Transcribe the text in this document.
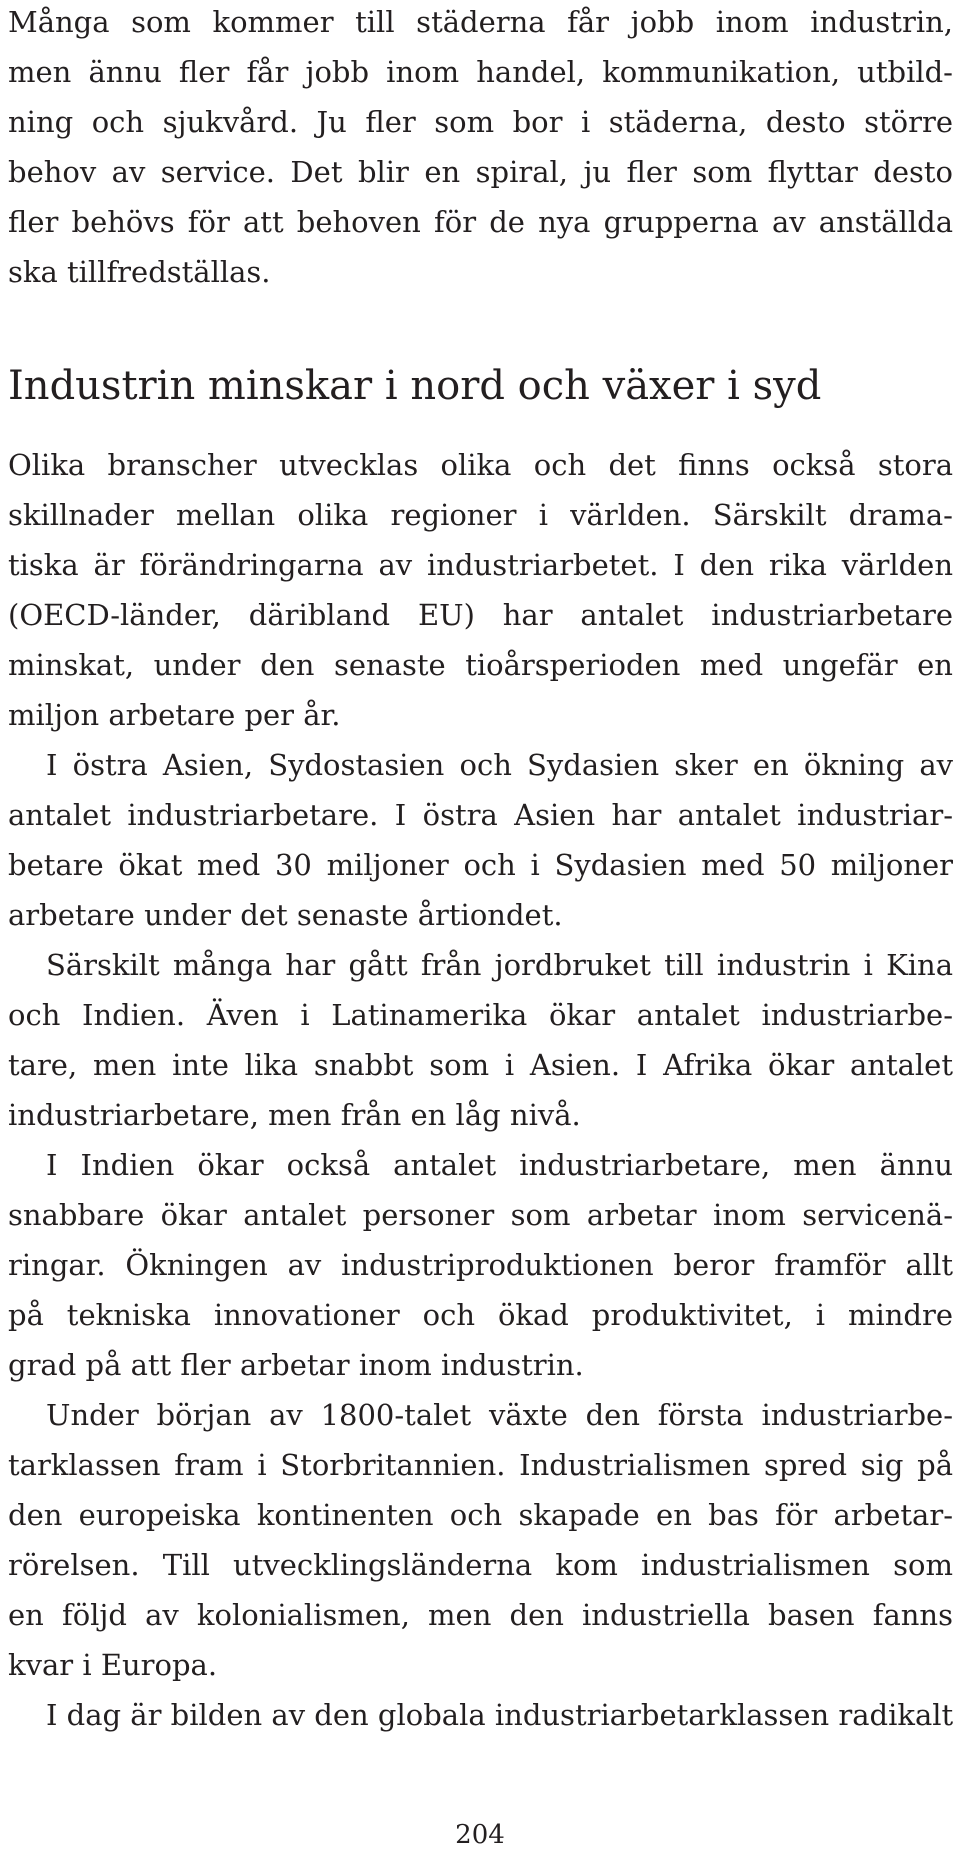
Många som kommer till städerna får jobb inom industrin,
men ännu fler får jobb inom handel, kommunikation, utbild-
ning och sjukvård. Ju fler som bor i städerna, desto större
behov av service. Det blir en spiral, ju fler som flyttar desto
fler behövs för att behoven för de nya grupperna av anställda
ska tillfredställas.
Industrin minskar i nord och växer i syd
Olika branscher utvecklas olika och det finns också stora
skillnader mellan olika regioner i världen. Särskilt drama-
tiska är förändringarna av industriarbetet. I den rika världen
(OECD-länder, däribland EU) har antalet industriarbetare
minskat, under den senaste tioårsperioden med ungefär en
miljon arbetare per år.
I östra Asien, Sydostasien och Sydasien sker en ökning av
antalet industriarbetare. I östra Asien har antalet industriar-
betare ökat med 30 miljoner och i Sydasien med 50 miljoner
arbetare under det senaste årtiondet.
Särskilt många har gått från jordbruket till industrin i Kina
och Indien. Även i Latinamerika ökar antalet industriarbe-
tare, men inte lika snabbt som i Asien. I Afrika ökar antalet
industriarbetare, men från en låg nivå.
I Indien ökar också antalet industriarbetare, men ännu
snabbare ökar antalet personer som arbetar inom servicenä-
ringar. Ökningen av industriproduktionen beror framför allt
på tekniska innovationer och ökad produktivitet, i mindre
grad på att fler arbetar inom industrin.
Under början av 1800-talet växte den första industriarbe-
tarklassen fram i Storbritannien. Industrialismen spred sig på
den europeiska kontinenten och skapade en bas för arbetar-
rörelsen. Till utvecklingsländerna kom industrialismen som
en följd av kolonialismen, men den industriella basen fanns
kvar i Europa.
I dag är bilden av den globala industriarbetarklassen radikalt
204
